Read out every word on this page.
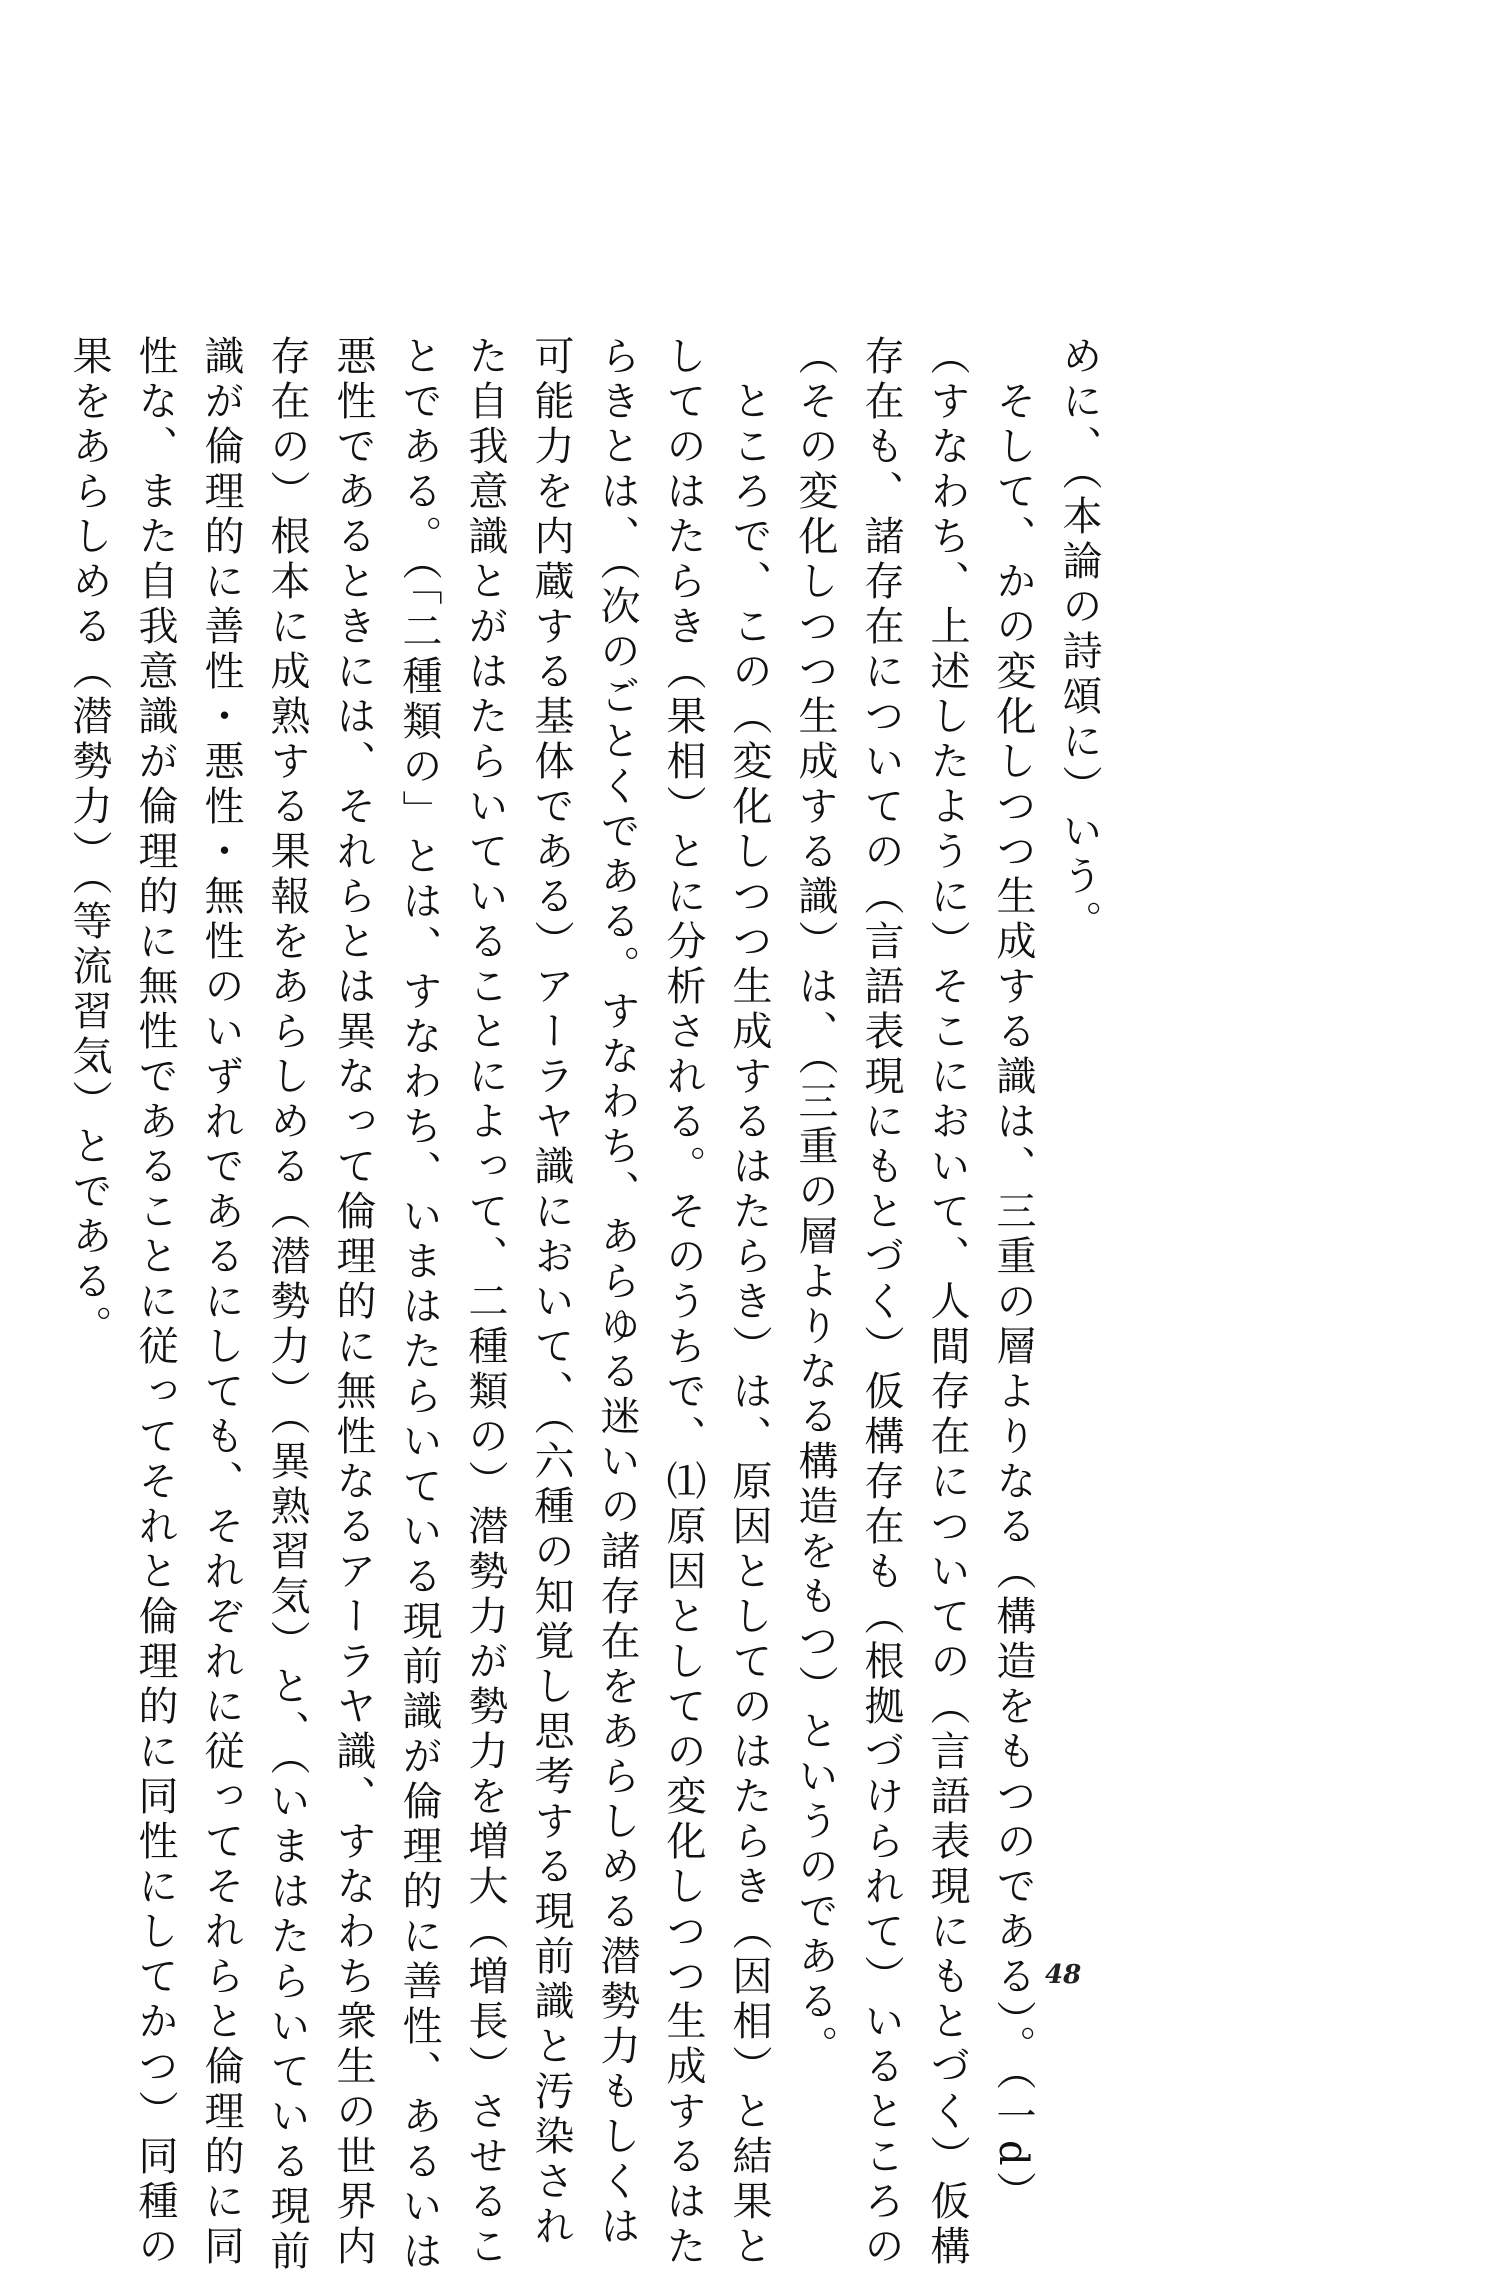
めに、（本論の詩頌に）いう。
そして、かの変化しつつ生成する識は、三重の層よりなる（構造をもつのである）。（一d）
（すなわち、上述したように）そこにおいて、人間存在についての（言語表現にもとづく）仮構
存在も、諸存在についての（言語表現にもとづく）仮構存在も（根拠づけられて）いるところの
（その変化しつつ生成する識）は、（三重の層よりなる構造をもつ）というのである。
ところで、この（変化しつつ生成するはたらき）は、原因としてのはたらき（因相）と結果と
してのはたらき（果相）とに分析される。そのうちで、⑴原因としての変化しつつ生成するはた
らきとは、（次のごとくである。すなわち、あらゆる迷いの諸存在をあらしめる潜勢力もしくは
可能力を内蔵する基体である）アーラヤ識において、（六種の知覚し思考する現前識と汚染され
た自我意識とがはたらいていることによって、二種類の）潜勢力が勢力を増大（増長）させるこ
とである。（「二種類の」とは、すなわち、いまはたらいている現前識が倫理的に善性、あるいは
悪性であるときには、それらとは異なって倫理的に無性なるアーラヤ識、すなわち衆生の世界内
存在の）根本に成熟する果報をあらしめる（潜勢力）（異熟習気）と、（いまはたらいている現前
識が倫理的に善性・悪性・無性のいずれであるにしても、それぞれに従ってそれらと倫理的に同
性な、また自我意識が倫理的に無性であることに従ってそれと倫理的に同性にしてかつ）同種の
果をあらしめる（潜勢力）（等流習気）とである。
48
